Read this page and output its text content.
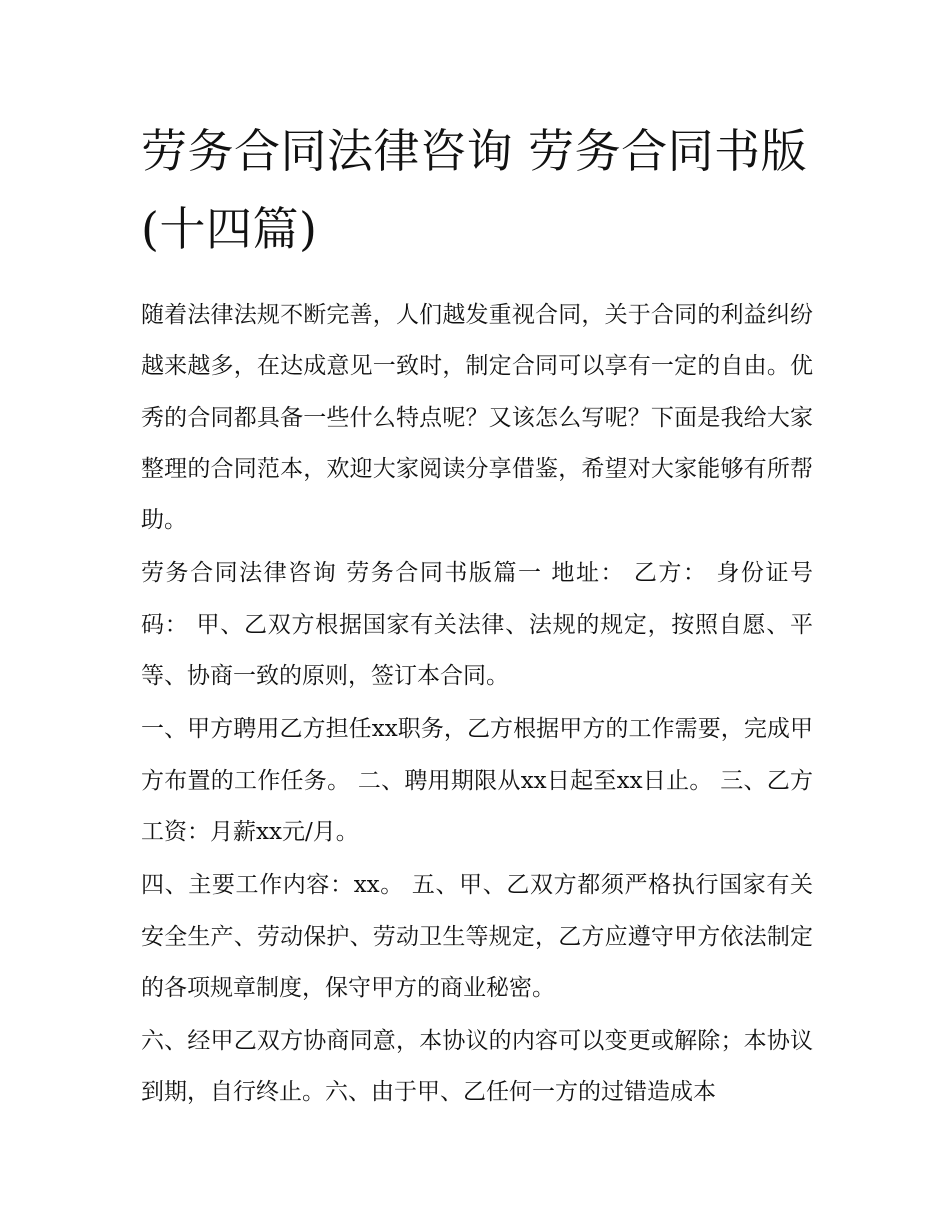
劳务合同法律咨询 劳务合同书版(十四篇)

随着法律法规不断完善，人们越发重视合同，关于合同的利益纠纷越来越多，在达成意见一致时，制定合同可以享有一定的自由。优秀的合同都具备一些什么特点呢？又该怎么写呢？下面是我给大家整理的合同范本，欢迎大家阅读分享借鉴，希望对大家能够有所帮助。

劳务合同法律咨询 劳务合同书版篇一 地址： 乙方： 身份证号码： 甲、乙双方根据国家有关法律、法规的规定，按照自愿、平等、协商一致的原则，签订本合同。

一、甲方聘用乙方担任xx职务，乙方根据甲方的工作需要，完成甲方布置的工作任务。 二、聘用期限从xx日起至xx日止。 三、乙方工资：月薪xx元/月。

四、主要工作内容：xx。 五、甲、乙双方都须严格执行国家有关安全生产、劳动保护、劳动卫生等规定，乙方应遵守甲方依法制定的各项规章制度，保守甲方的商业秘密。

六、经甲乙双方协商同意，本协议的内容可以变更或解除；本协议到期，自行终止。六、由于甲、乙任何一方的过错造成本
